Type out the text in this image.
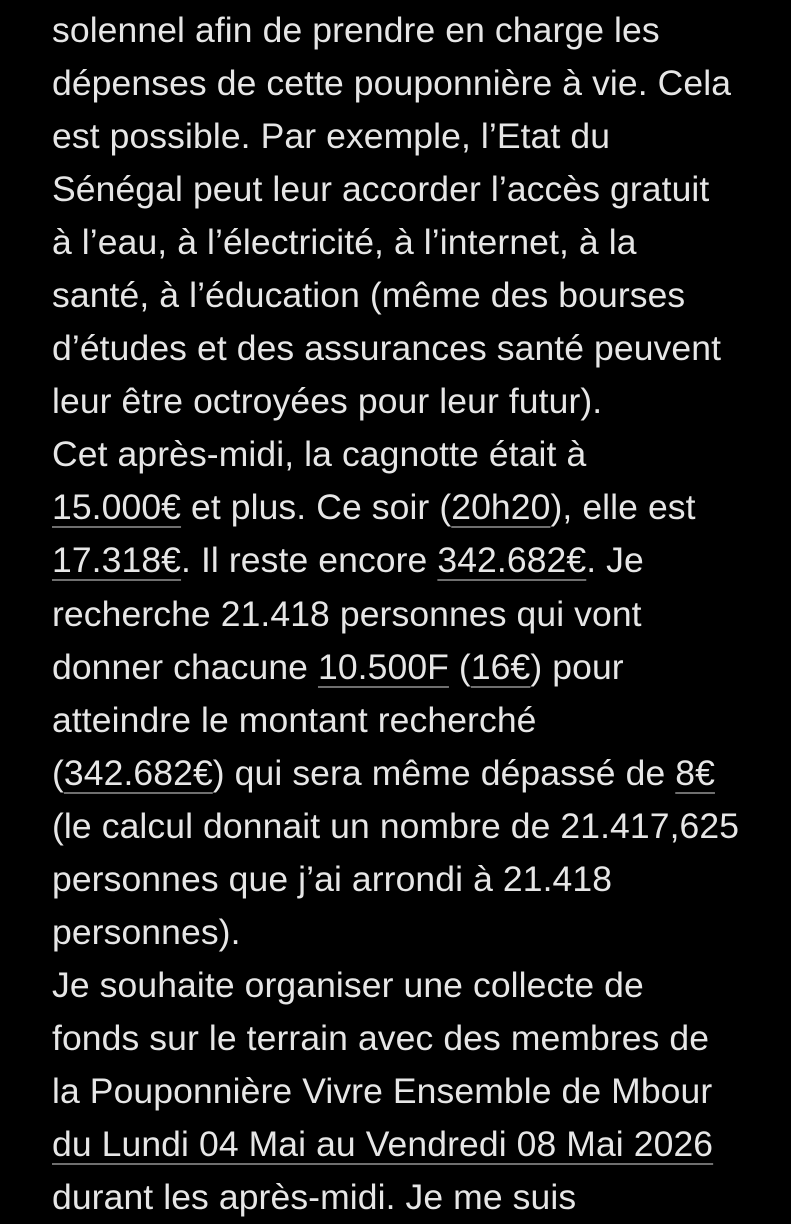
solennel afin de prendre en charge les
dépenses de cette pouponnière à vie. Cela
est possible. Par exemple, l’Etat du
Sénégal peut leur accorder l’accès gratuit
à l’eau, à l’électricité, à l’internet, à la
santé, à l’éducation (même des bourses
d’études et des assurances santé peuvent
leur être octroyées pour leur futur).
Cet après-midi, la cagnotte était à
15.000€ et plus. Ce soir (20h20), elle est
17.318€. Il reste encore 342.682€. Je
recherche 21.418 personnes qui vont
donner chacune 10.500F (16€) pour
atteindre le montant recherché
(342.682€) qui sera même dépassé de 8€
(le calcul donnait un nombre de 21.417,625
personnes que j’ai arrondi à 21.418
personnes).
Je souhaite organiser une collecte de
fonds sur le terrain avec des membres de
la Pouponnière Vivre Ensemble de Mbour
du Lundi 04 Mai au Vendredi 08 Mai 2026
durant les après-midi. Je me suis
